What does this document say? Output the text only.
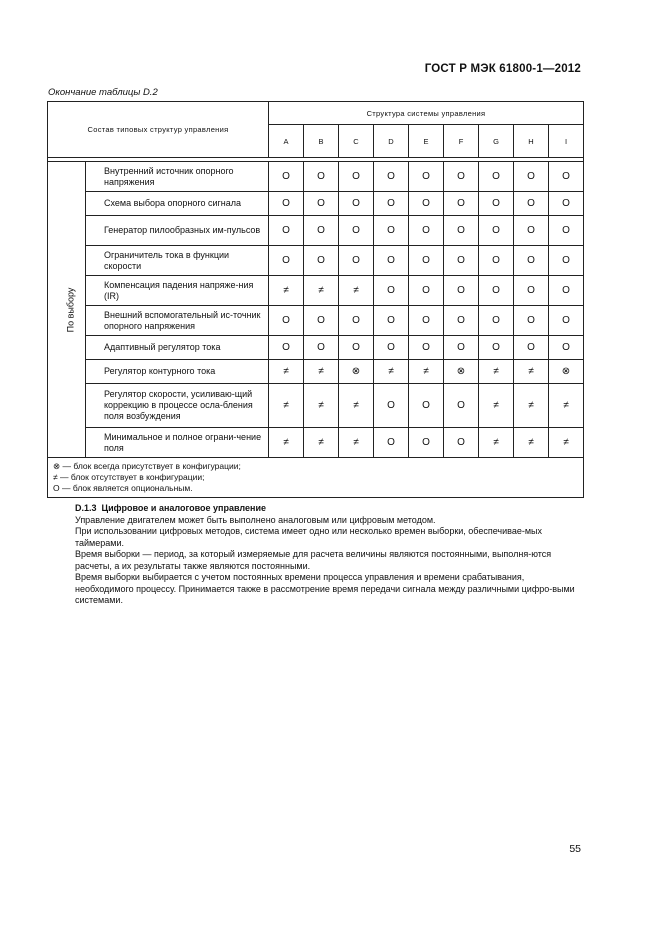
ГОСТ Р МЭК 61800-1—2012
Окончание таблицы D.2
Состав типовых структур управления		Структура системы управления								
		A	B	C	D	E	F	G	H	I

По выбору	Внутренний источник опорного напряжения	O	O	O	O	O	O	O	O	O
	Схема выбора опорного сигнала	O	O	O	O	O	O	O	O	O
	Генератор пилообразных им-пульсов	O	O	O	O	O	O	O	O	O
	Ограничитель тока в функции скорости	O	O	O	O	O	O	O	O	O
	Компенсация падения напряже-ния (IR)	≠	≠	≠	O	O	O	O	O	O
	Внешний вспомогательный ис-точник опорного напряжения	O	O	O	O	O	O	O	O	O
	Адаптивный регулятор тока	O	O	O	O	O	O	O	O	O
	Регулятор контурного тока	≠	≠	⊗	≠	≠	⊗	≠	≠	⊗
	Регулятор скорости, усиливаю-щий коррекцию в процессе осла-бления поля возбуждения	≠	≠	≠	O	O	O	≠	≠	≠
	Минимальное и полное ограни-чение поля	≠	≠	≠	O	O	O	≠	≠	≠

⊗ — блок всегда присутствует в конфигурации;
≠ — блок отсутствует в конфигурации;
O — блок является опциональным.										

D.1.3 Цифровое и аналоговое управление

Управление двигателем может быть выполнено аналоговым или цифровым методом.

При использовании цифровых методов, система имеет одно или несколько времен выборки, обеспечивае-мых таймерами.

Время выборки — период, за который измеряемые для расчета величины являются постоянными, выполня-ются расчеты, а их результаты также являются постоянными.

Время выборки выбирается с учетом постоянных времени процесса управления и времени срабатывания, необходимого процессу. Принимается также в рассмотрение время передачи сигнала между различными цифро-выми системами.

55
